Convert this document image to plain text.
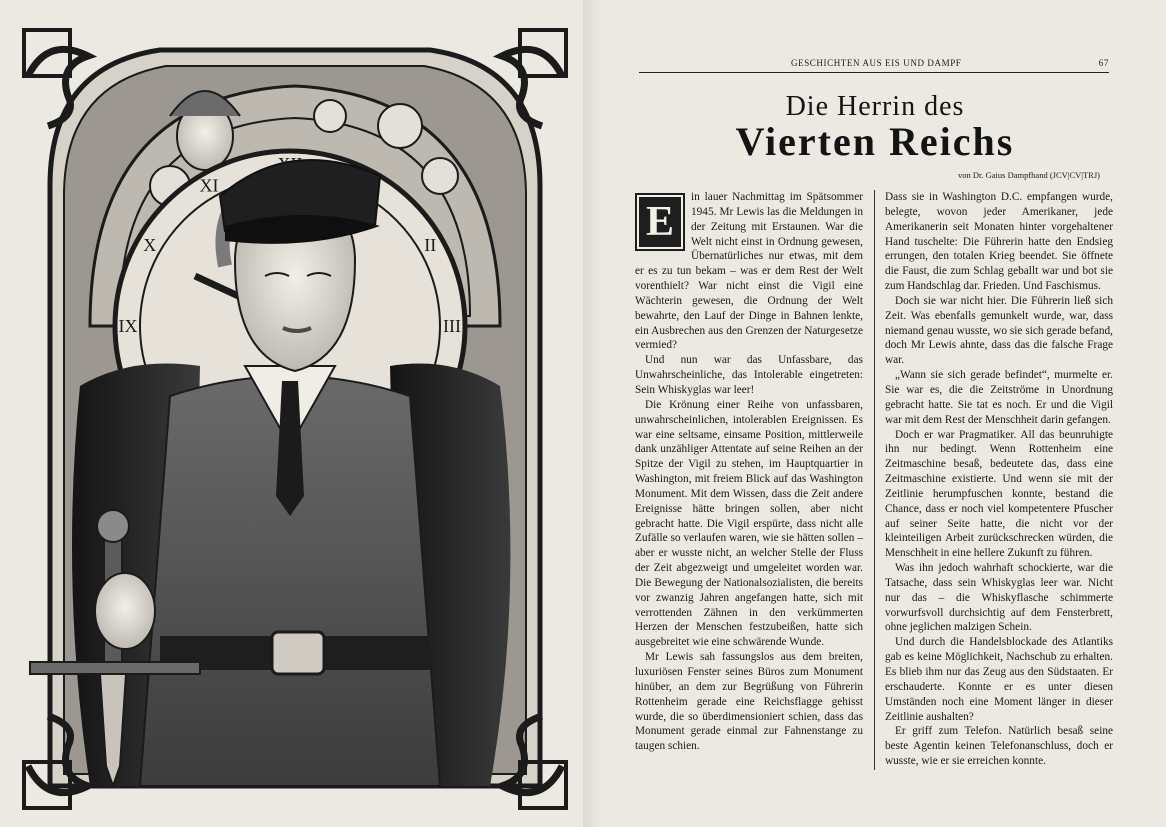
II
III
IX
X
XI
GESCHICHTEN AUS EIS UND DAMPF	67
Die Herrin des
Vierten Reichs
von Dr. Gaius Dampfhand (JCV|CV|TRJ)
E

in lauer Nachmittag im Spätsommer 1945. Mr Lewis las die Meldungen in der Zeitung mit Erstaunen. War die Welt nicht einst in Ordnung gewesen, Übernatürliches nur etwas, mit dem er es zu tun bekam – was er dem Rest der Welt vorenthielt? War nicht einst die Vigil eine Wächterin gewesen, die Ordnung der Welt bewahrte, den Lauf der Dinge in Bahnen lenkte, ein Ausbrechen aus den Grenzen der Naturgesetze vermied?

Und nun war das Unfassbare, das Unwahrscheinliche, das Intolerable eingetreten: Sein Whiskyglas war leer!

Die Krönung einer Reihe von unfassbaren, unwahrscheinlichen, intolerablen Ereignissen. Es war eine seltsame, einsame Position, mittlerweile dank unzähliger Attentate auf seine Reihen an der Spitze der Vigil zu stehen, im Hauptquartier in Washington, mit freiem Blick auf das Washington Monument. Mit dem Wissen, dass die Zeit andere Ereignisse hätte bringen sollen, aber nicht gebracht hatte. Die Vigil erspürte, dass nicht alle Zufälle so verlaufen waren, wie sie hätten sollen – aber er wusste nicht, an welcher Stelle der Fluss der Zeit abgezweigt und umgeleitet worden war. Die Bewegung der Nationalsozialisten, die bereits vor zwanzig Jahren angefangen hatte, sich mit verrottenden Zähnen in den verkümmerten Herzen der Menschen festzubeißen, hatte sich ausgebreitet wie eine schwärende Wunde.

Mr Lewis sah fassungslos aus dem breiten, luxuriösen Fenster seines Büros zum Monument hinüber, an dem zur Begrüßung von Führerin Rottenheim gerade eine Reichsflagge gehisst wurde, die so überdimensioniert schien, dass das Monument gerade einmal zur Fahnenstange zu taugen schien.

Dass sie in Washington D.C. empfangen wurde, belegte, wovon jeder Amerikaner, jede Amerikanerin seit Monaten hinter vorgehaltener Hand tuschelte: Die Führerin hatte den Endsieg errungen, den totalen Krieg beendet. Sie öffnete die Faust, die zum Schlag geballt war und bot sie zum Handschlag dar. Frieden. Und Faschismus.

Doch sie war nicht hier. Die Führerin ließ sich Zeit. Was ebenfalls gemunkelt wurde, war, dass niemand genau wusste, wo sie sich gerade befand, doch Mr Lewis ahnte, dass das die falsche Frage war.

„Wann sie sich gerade befindet“, murmelte er. Sie war es, die die Zeitströme in Unordnung gebracht hatte. Sie tat es noch. Er und die Vigil war mit dem Rest der Menschheit darin gefangen.

Doch er war Pragmatiker. All das beunruhigte ihn nur bedingt. Wenn Rottenheim eine Zeitmaschine besaß, bedeutete das, dass eine Zeitmaschine existierte. Und wenn sie mit der Zeitlinie herumpfuschen konnte, bestand die Chance, dass er noch viel kompetentere Pfuscher auf seiner Seite hatte, die nicht vor der kleinteiligen Arbeit zurückschrecken würden, die Menschheit in eine hellere Zukunft zu führen.

Was ihn jedoch wahrhaft schockierte, war die Tatsache, dass sein Whiskyglas leer war. Nicht nur das – die Whiskyflasche schimmerte vorwurfsvoll durchsichtig auf dem Fensterbrett, ohne jeglichen malzigen Schein.

Und durch die Handelsblockade des Atlantiks gab es keine Möglichkeit, Nachschub zu erhalten. Es blieb ihm nur das Zeug aus den Südstaaten. Er erschauderte. Konnte er es unter diesen Umständen noch eine Moment länger in dieser Zeitlinie aushalten?

Er griff zum Telefon. Natürlich besaß seine beste Agentin keinen Telefonanschluss, doch er wusste, wie er sie erreichen konnte.
